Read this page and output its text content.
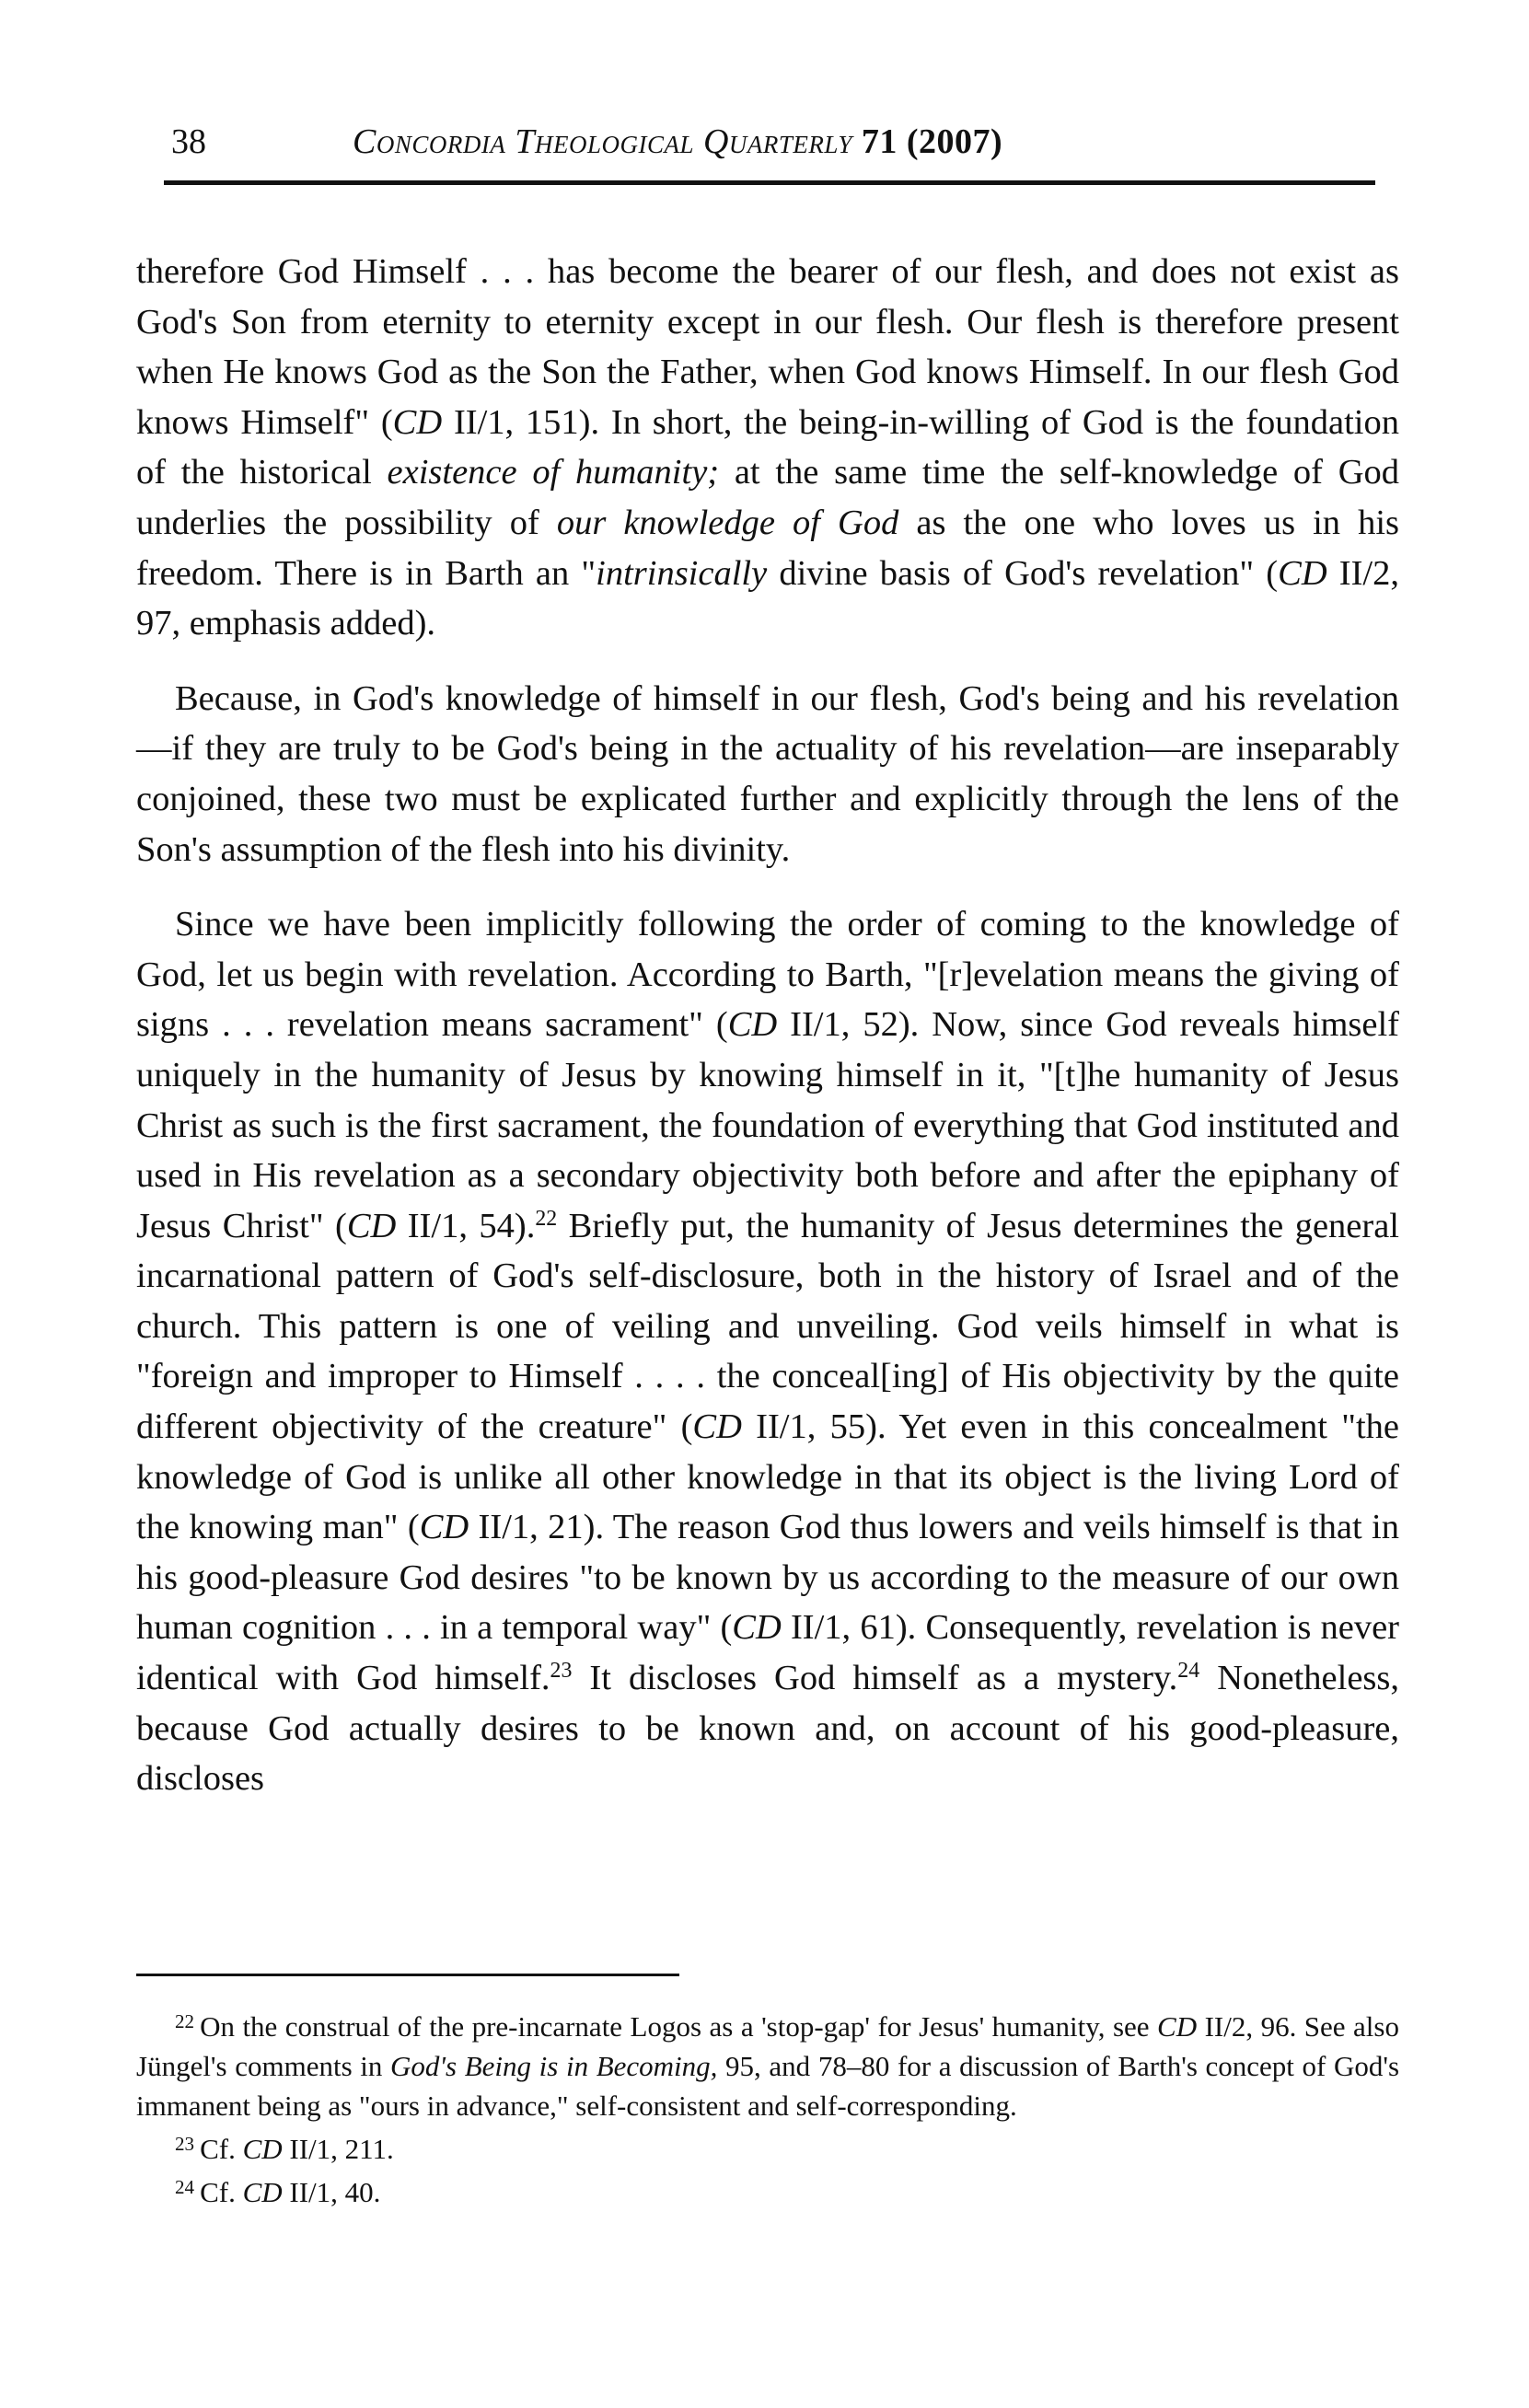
38	Concordia Theological Quarterly 71 (2007)

therefore God Himself . . . has become the bearer of our flesh, and does not exist as God's Son from eternity to eternity except in our flesh. Our flesh is therefore present when He knows God as the Son the Father, when God knows Himself. In our flesh God knows Himself" (CD II/1, 151). In short, the being-in-willing of God is the foundation of the historical existence of humanity; at the same time the self-knowledge of God underlies the possibility of our knowledge of God as the one who loves us in his freedom. There is in Barth an "intrinsically divine basis of God's revelation" (CD II/2, 97, emphasis added).

Because, in God's knowledge of himself in our flesh, God's being and his revelation—if they are truly to be God's being in the actuality of his revelation—are inseparably conjoined, these two must be explicated further and explicitly through the lens of the Son's assumption of the flesh into his divinity.

Since we have been implicitly following the order of coming to the knowledge of God, let us begin with revelation. According to Barth, "[r]evelation means the giving of signs . . . revelation means sacrament" (CD II/1, 52). Now, since God reveals himself uniquely in the humanity of Jesus by knowing himself in it, "[t]he humanity of Jesus Christ as such is the first sacrament, the foundation of everything that God instituted and used in His revelation as a secondary objectivity both before and after the epiphany of Jesus Christ" (CD II/1, 54).$^{22}$ Briefly put, the humanity of Jesus determines the general incarnational pattern of God's self-disclosure, both in the history of Israel and of the church. This pattern is one of veiling and unveiling. God veils himself in what is "foreign and improper to Himself . . . . the conceal[ing] of His objectivity by the quite different objectivity of the creature" (CD II/1, 55). Yet even in this concealment "the knowledge of God is unlike all other knowledge in that its object is the living Lord of the knowing man" (CD II/1, 21). The reason God thus lowers and veils himself is that in his good-pleasure God desires "to be known by us according to the measure of our own human cognition . . . in a temporal way" (CD II/1, 61). Consequently, revelation is never identical with God himself.$^{23}$ It discloses God himself as a mystery.$^{24}$ Nonetheless, because God actually desires to be known and, on account of his good-pleasure, discloses

$^{22}$ On the construal of the pre-incarnate Logos as a 'stop-gap' for Jesus' humanity, see CD II/2, 96. See also Jüngel's comments in God's Being is in Becoming, 95, and 78–80 for a discussion of Barth's concept of God's immanent being as "ours in advance," self-consistent and self-corresponding.

$^{23}$ Cf. CD II/1, 211.

$^{24}$ Cf. CD II/1, 40.
